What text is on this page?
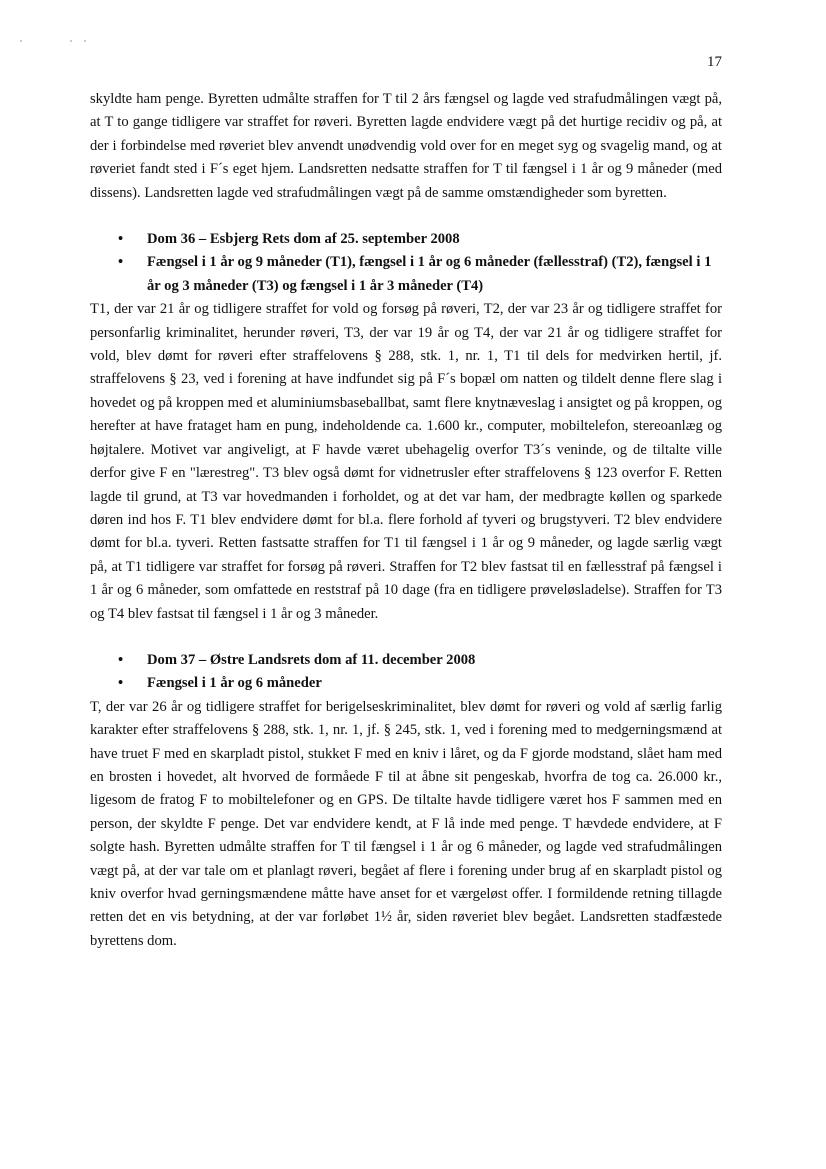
17

skyldte ham penge. Byretten udmålte straffen for T til 2 års fængsel og lagde ved strafudmålingen vægt på, at T to gange tidligere var straffet for røveri. Byretten lagde endvidere vægt på det hurtige recidiv og på, at der i forbindelse med røveriet blev anvendt unødvendig vold over for en meget syg og svagelig mand, og at røveriet fandt sted i F´s eget hjem. Landsretten nedsatte straffen for T til fængsel i 1 år og 9 måneder (med dissens). Landsretten lagde ved strafudmålingen vægt på de samme omstændigheder som byretten.

• Dom 36 – Esbjerg Rets dom af 25. september 2008
• Fængsel i 1 år og 9 måneder (T1), fængsel i 1 år og 6 måneder (fællesstraf) (T2), fængsel i 1 år og 3 måneder (T3) og fængsel i 1 år 3 måneder (T4)

T1, der var 21 år og tidligere straffet for vold og forsøg på røveri, T2, der var 23 år og tidligere straffet for personfarlig kriminalitet, herunder røveri, T3, der var 19 år og T4, der var 21 år og tidligere straffet for vold, blev dømt for røveri efter straffelovens § 288, stk. 1, nr. 1, T1 til dels for medvirken hertil, jf. straffelovens § 23, ved i forening at have indfundet sig på F´s bopæl om natten og tildelt denne flere slag i hovedet og på kroppen med et aluminiumsbaseballbat, samt flere knytnæveslag i ansigtet og på kroppen, og herefter at have frataget ham en pung, indeholdende ca. 1.600 kr., computer, mobiltelefon, stereoanlæg og højtalere. Motivet var angiveligt, at F havde været ubehagelig overfor T3´s veninde, og de tiltalte ville derfor give F en "lærestreg". T3 blev også dømt for vidnetrusler efter straffelovens § 123 overfor F. Retten lagde til grund, at T3 var hovedmanden i forholdet, og at det var ham, der medbragte køllen og sparkede døren ind hos F. T1 blev endvidere dømt for bl.a. flere forhold af tyveri og brugstyveri. T2 blev endvidere dømt for bl.a. tyveri. Retten fastsatte straffen for T1 til fængsel i 1 år og 9 måneder, og lagde særlig vægt på, at T1 tidligere var straffet for forsøg på røveri. Straffen for T2 blev fastsat til en fællesstraf på fængsel i 1 år og 6 måneder, som omfattede en reststraf på 10 dage (fra en tidligere prøveløsladelse). Straffen for T3 og T4 blev fastsat til fængsel i 1 år og 3 måneder.

• Dom 37 – Østre Landsrets dom af 11. december 2008
• Fængsel i 1 år og 6 måneder

T, der var 26 år og tidligere straffet for berigelseskriminalitet, blev dømt for røveri og vold af særlig farlig karakter efter straffelovens § 288, stk. 1, nr. 1, jf. § 245, stk. 1, ved i forening med to medgerningsmænd at have truet F med en skarpladt pistol, stukket F med en kniv i låret, og da F gjorde modstand, slået ham med en brosten i hovedet, alt hvorved de formåede F til at åbne sit pengeskab, hvorfra de tog ca. 26.000 kr., ligesom de fratog F to mobiltelefoner og en GPS. De tiltalte havde tidligere været hos F sammen med en person, der skyldte F penge. Det var endvidere kendt, at F lå inde med penge. T hævdede endvidere, at F solgte hash. Byretten udmålte straffen for T til fængsel i 1 år og 6 måneder, og lagde ved strafudmålingen vægt på, at der var tale om et planlagt røveri, begået af flere i forening under brug af en skarpladt pistol og kniv overfor hvad gerningsmændene måtte have anset for et værgeløst offer. I formildende retning tillagde retten det en vis betydning, at der var forløbet 1½ år, siden røveriet blev begået. Landsretten stadfæstede byrettens dom.
